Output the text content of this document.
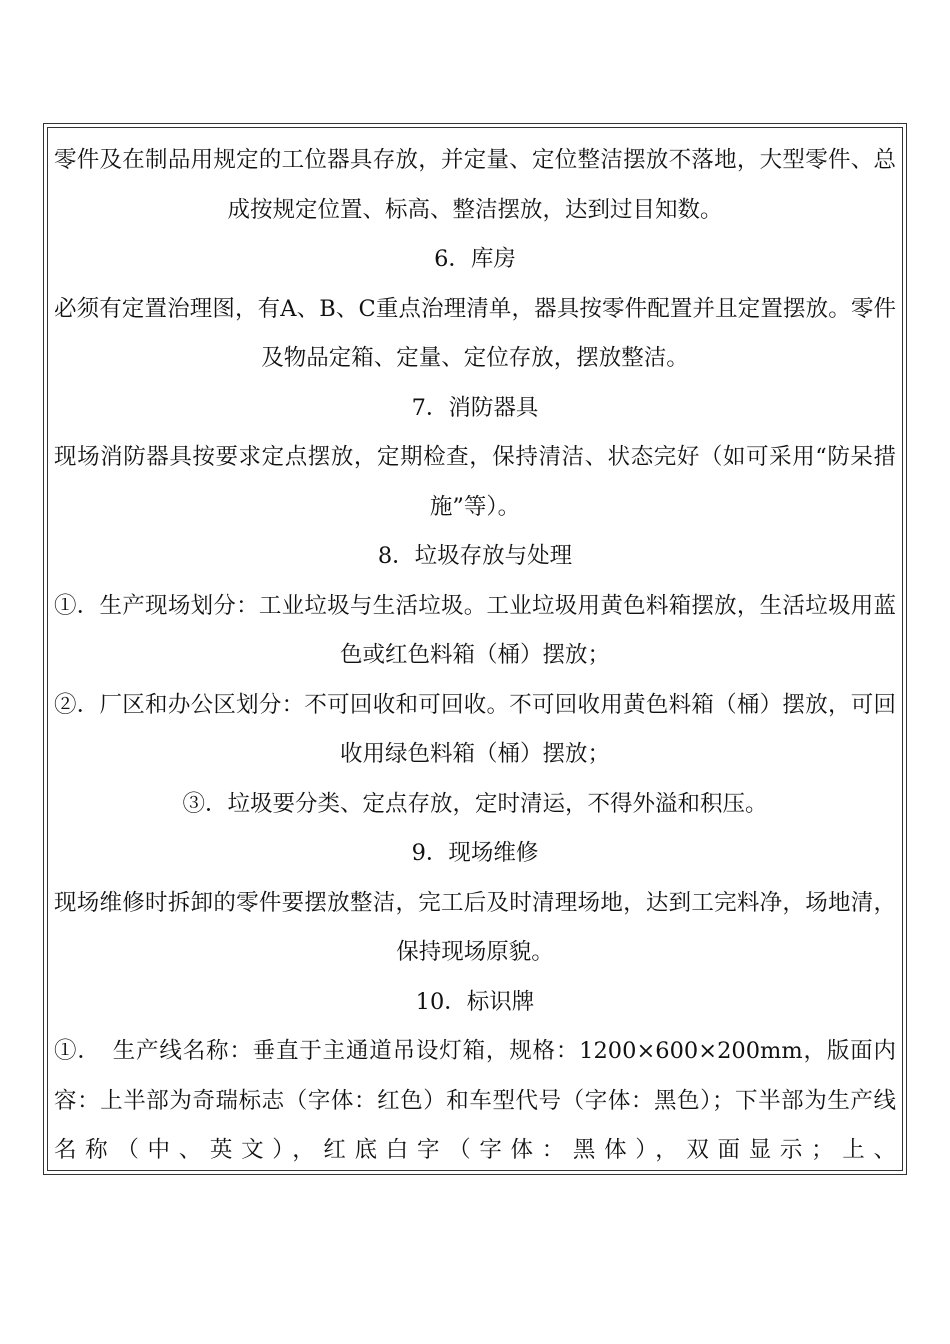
零件及在制品用规定的工位器具存放，并定量、定位整洁摆放不落地，大型零件、总成按规定位置、标高、整洁摆放，达到过目知数。

6．库房

必须有定置治理图，有A、B、C重点治理清单，器具按零件配置并且定置摆放。零件及物品定箱、定量、定位存放，摆放整洁。

7．消防器具

现场消防器具按要求定点摆放，定期检查，保持清洁、状态完好（如可采用“防呆措施”等）。

8．垃圾存放与处理

①．生产现场划分：工业垃圾与生活垃圾。工业垃圾用黄色料箱摆放，生活垃圾用蓝色或红色料箱（桶）摆放；

②．厂区和办公区划分：不可回收和可回收。不可回收用黄色料箱（桶）摆放，可回收用绿色料箱（桶）摆放；

③．垃圾要分类、定点存放，定时清运，不得外溢和积压。

9．现场维修

现场维修时拆卸的零件要摆放整洁，完工后及时清理场地，达到工完料净，场地清，保持现场原貌。

10．标识牌

①．　生产线名称：垂直于主通道吊设灯箱，规格：1200×600×200mm，版面内容：上半部为奇瑞标志（字体：红色）和车型代号（字体：黑色）；下半部为生产线名称（中、英文），红底白字（字体：黑体），双面显示；上、
